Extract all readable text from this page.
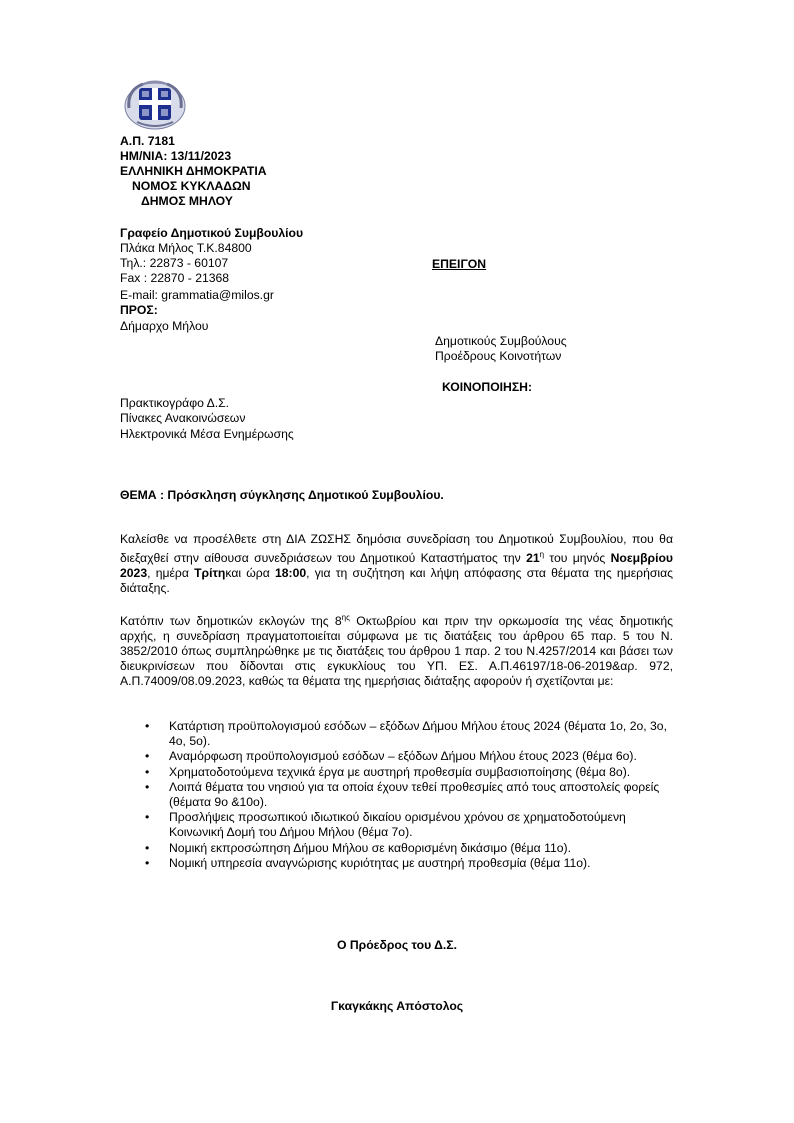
Α.Π. 7181
ΗΜ/ΝΙΑ: 13/11/2023
ΕΛΛΗΝΙΚΗ ΔΗΜΟΚΡΑΤΙΑ
ΝΟΜΟΣ ΚΥΚΛΑΔΩΝ
ΔΗΜΟΣ ΜΗΛΟΥ
Γραφείο Δημοτικού Συμβουλίου
Πλάκα Μήλος Τ.Κ.84800
Τηλ.: 22873 - 60107
Fax : 22870 - 21368
E-mail: grammatia@milos.gr
ΕΠΕΙΓΟΝ
ΠΡΟΣ:
Δήμαρχο Μήλου
Δημοτικούς Συμβούλους
Προέδρους Κοινοτήτων
ΚΟΙΝΟΠΟΙΗΣΗ:
Πρακτικογράφο Δ.Σ.
Πίνακες Ανακοινώσεων
Ηλεκτρονικά Μέσα Ενημέρωσης
ΘΕΜΑ : Πρόσκληση σύγκλησης Δημοτικού Συμβουλίου.
Καλείσθε να προσέλθετε στη ΔΙΑ ΖΩΣΗΣ δημόσια συνεδρίαση του Δημοτικού Συμβουλίου, που θα διεξαχθεί στην αίθουσα συνεδριάσεων του Δημοτικού Καταστήματος την $21^\eta$ του μηνός Νοεμβρίου 2023, ημέρα Τρίτηκαι ώρα 18:00, για τη συζήτηση και λήψη απόφασης στα θέματα της ημερήσιας διάταξης.
Κατόπιν των δημοτικών εκλογών της $8^{\eta\varsigma}$ Οκτωβρίου και πριν την ορκωμοσία της νέας δημοτικής αρχής, η συνεδρίαση πραγματοποιείται σύμφωνα με τις διατάξεις του άρθρου 65 παρ. 5 του Ν. 3852/2010 όπως συμπληρώθηκε με τις διατάξεις του άρθρου 1 παρ. 2 του Ν.4257/2014 και βάσει των διευκρινίσεων που δίδονται στις εγκυκλίους του ΥΠ. ΕΣ. Α.Π.46197/18-06-2019&αρ. 972, Α.Π.74009/08.09.2023, καθώς τα θέματα της ημερήσιας διάταξης αφορούν ή σχετίζονται με:
• Κατάρτιση προϋπολογισμού εσόδων – εξόδων Δήμου Μήλου έτους 2024 (θέματα 1ο, 2ο, 3ο, 4ο, 5ο).
• Αναμόρφωση προϋπολογισμού εσόδων – εξόδων Δήμου Μήλου έτους 2023 (θέμα 6ο).
• Χρηματοδοτούμενα τεχνικά έργα με αυστηρή προθεσμία συμβασιοποίησης (θέμα 8ο).
• Λοιπά θέματα του νησιού για τα οποία έχουν τεθεί προθεσμίες από τους αποστολείς φορείς (θέματα 9ο &10ο).
• Προσλήψεις προσωπικού ιδιωτικού δικαίου ορισμένου χρόνου σε χρηματοδοτούμενη Κοινωνική Δομή του Δήμου Μήλου (θέμα 7ο).
• Νομική εκπροσώπηση Δήμου Μήλου σε καθορισμένη δικάσιμο (θέμα 11ο).
• Νομική υπηρεσία αναγνώρισης κυριότητας με αυστηρή προθεσμία (θέμα 11ο).
Ο Πρόεδρος του Δ.Σ.
Γκαγκάκης Απόστολος
